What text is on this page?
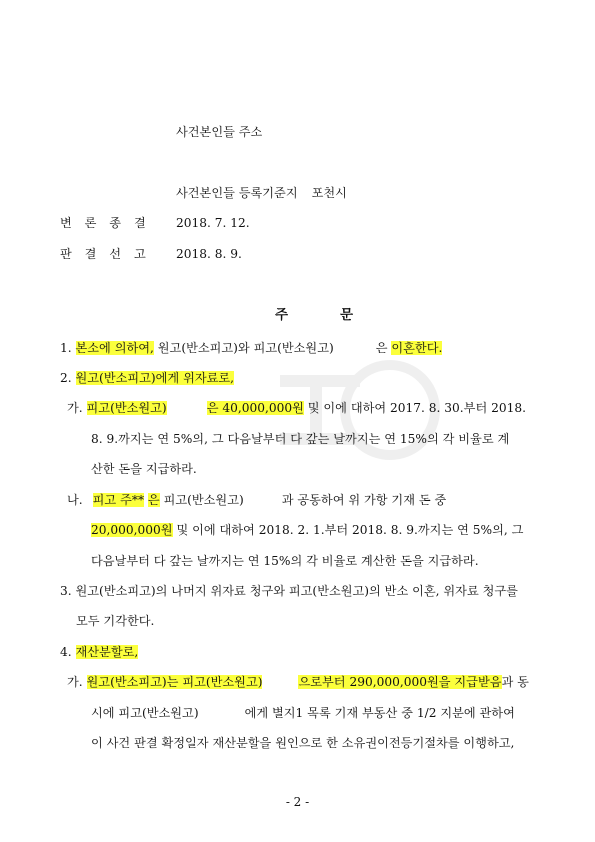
사건본인들 주소
사건본인들 등록기준지 포천시
변 론 종 결 2018. 7. 12.
판 결 선 고 2018. 8. 9.
주	문
1. 본소에 의하여, 원고(반소피고)와 피고(반소원고)	은 이혼한다.
2. 원고(반소피고)에게 위자료로,
가. 피고(반소원고)	은 40,000,000원 및 이에 대하여 2017. 8. 30.부터 2018.
8. 9.까지는 연 5%의, 그 다음날부터 다 갚는 날까지는 연 15%의 각 비율로 계
산한 돈을 지급하라.
나. 피고 주** 은 피고(반소원고)	과 공동하여 위 가항 기재 돈 중
20,000,000원 및 이에 대하여 2018. 2. 1.부터 2018. 8. 9.까지는 연 5%의, 그
다음날부터 다 갚는 날까지는 연 15%의 각 비율로 계산한 돈을 지급하라.
3. 원고(반소피고)의 나머지 위자료 청구와 피고(반소원고)의 반소 이혼, 위자료 청구를
모두 기각한다.
4. 재산분할로,
가. 원고(반소피고)는 피고(반소원고)	으로부터 290,000,000원을 지급받음과 동
시에 피고(반소원고)	에게 별지1 목록 기재 부동산 중 1/2 지분에 관하여
이 사건 판결 확정일자 재산분할을 원인으로 한 소유권이전등기절차를 이행하고,
- 2 -
